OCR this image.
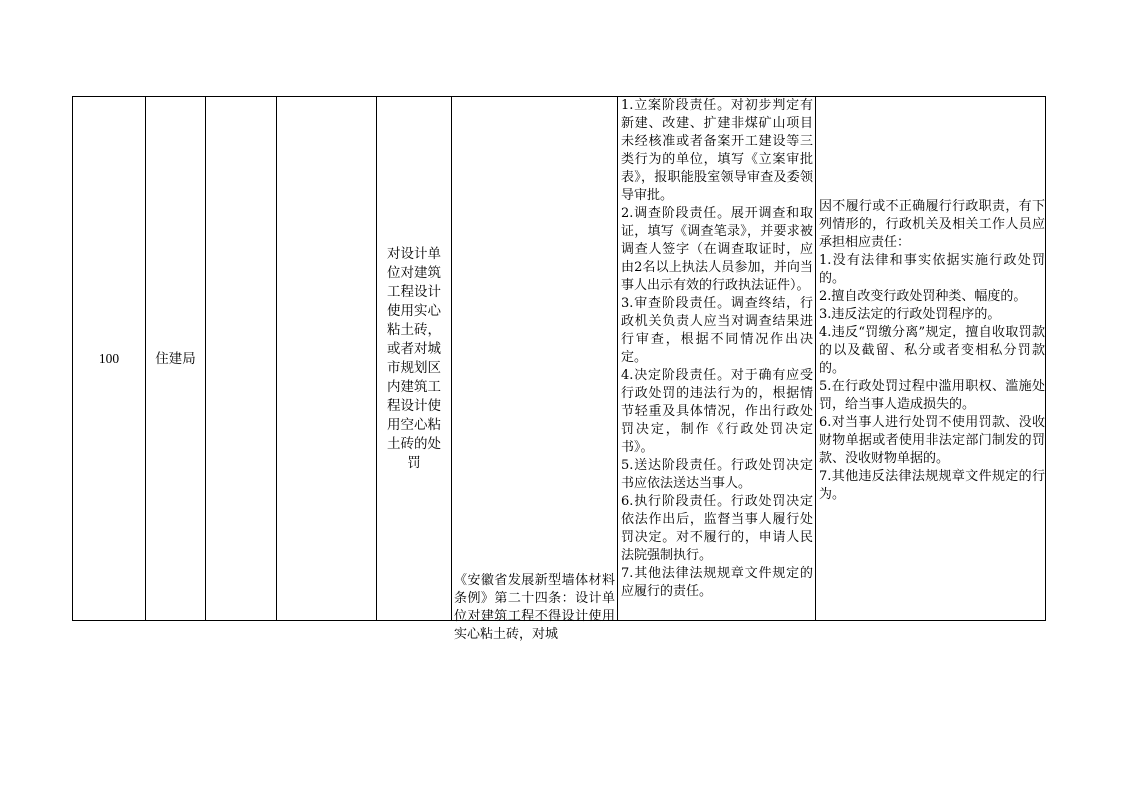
100	住建局
对设计单位对建筑工程设计使用实心粘土砖，或者对城市规划区内建筑工程设计使用空心粘土砖的处罚
《安徽省发展新型墙体材料条例》第二十四条：设计单位对建筑工程不得设计使用实心粘土砖，对城
1.立案阶段责任。对初步判定有新建、改建、扩建非煤矿山项目未经核准或者备案开工建设等三类行为的单位，填写《立案审批表》，报职能股室领导审查及委领导审批。
2.调查阶段责任。展开调查和取证，填写《调查笔录》，并要求被调查人签字（在调查取证时，应由2名以上执法人员参加，并向当事人出示有效的行政执法证件）。
3.审查阶段责任。调查终结，行政机关负责人应当对调查结果进行审查，根据不同情况作出决定。
4.决定阶段责任。对于确有应受行政处罚的违法行为的，根据情节轻重及具体情况，作出行政处罚决定，制作《行政处罚决定书》。
5.送达阶段责任。行政处罚决定书应依法送达当事人。
6.执行阶段责任。行政处罚决定依法作出后，监督当事人履行处罚决定。对不履行的，申请人民法院强制执行。
7.其他法律法规规章文件规定的应履行的责任。
因不履行或不正确履行行政职责，有下列情形的，行政机关及相关工作人员应承担相应责任：
1.没有法律和事实依据实施行政处罚的。
2.擅自改变行政处罚种类、幅度的。
3.违反法定的行政处罚程序的。
4.违反“罚缴分离”规定，擅自收取罚款的以及截留、私分或者变相私分罚款的。
5.在行政处罚过程中滥用职权、滥施处罚，给当事人造成损失的。
6.对当事人进行处罚不使用罚款、没收财物单据或者使用非法定部门制发的罚款、没收财物单据的。
7.其他违反法律法规规章文件规定的行为。
